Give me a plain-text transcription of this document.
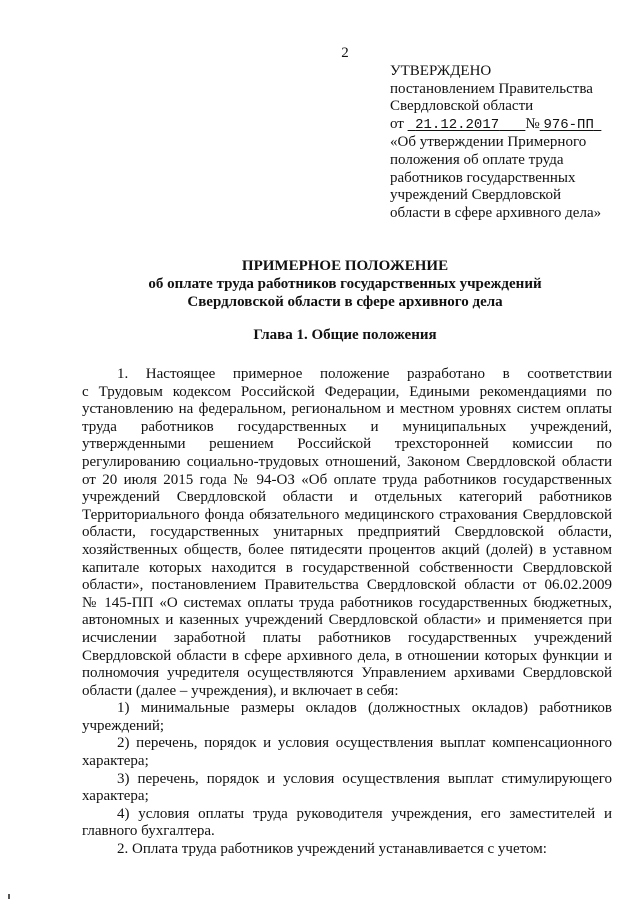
2
УТВЕРЖДЕНО
постановлением Правительства
Свердловской области
от 21.12.2017 № 976-ПП
«Об утверждении Примерного
положения об оплате труда
работников государственных
учреждений Свердловской
области в сфере архивного дела»
ПРИМЕРНОЕ ПОЛОЖЕНИЕ
об оплате труда работников государственных учреждений
Свердловской области в сфере архивного дела
Глава 1. Общие положения
1. Настоящее примерное положение разработано в соответствии
с Трудовым кодексом Российской Федерации, Едиными рекомендациями по
установлению на федеральном, региональном и местном уровнях систем оплаты
труда работников государственных и муниципальных учреждений,
утвержденными решением Российской трехсторонней комиссии по
регулированию социально-трудовых отношений, Законом Свердловской области
от 20 июля 2015 года № 94-ОЗ «Об оплате труда работников государственных
учреждений Свердловской области и отдельных категорий работников
Территориального фонда обязательного медицинского страхования Свердловской
области, государственных унитарных предприятий Свердловской области,
хозяйственных обществ, более пятидесяти процентов акций (долей) в уставном
капитале которых находится в государственной собственности Свердловской
области», постановлением Правительства Свердловской области от 06.02.2009
№ 145-ПП «О системах оплаты труда работников государственных бюджетных,
автономных и казенных учреждений Свердловской области» и применяется при
исчислении заработной платы работников государственных учреждений
Свердловской области в сфере архивного дела, в отношении которых функции и
полномочия учредителя осуществляются Управлением архивами Свердловской
области (далее – учреждения), и включает в себя:
1) минимальные размеры окладов (должностных окладов) работников
учреждений;
2) перечень, порядок и условия осуществления выплат компенсационного
характера;
3) перечень, порядок и условия осуществления выплат стимулирующего
характера;
4) условия оплаты труда руководителя учреждения, его заместителей и
главного бухгалтера.
2. Оплата труда работников учреждений устанавливается с учетом:
